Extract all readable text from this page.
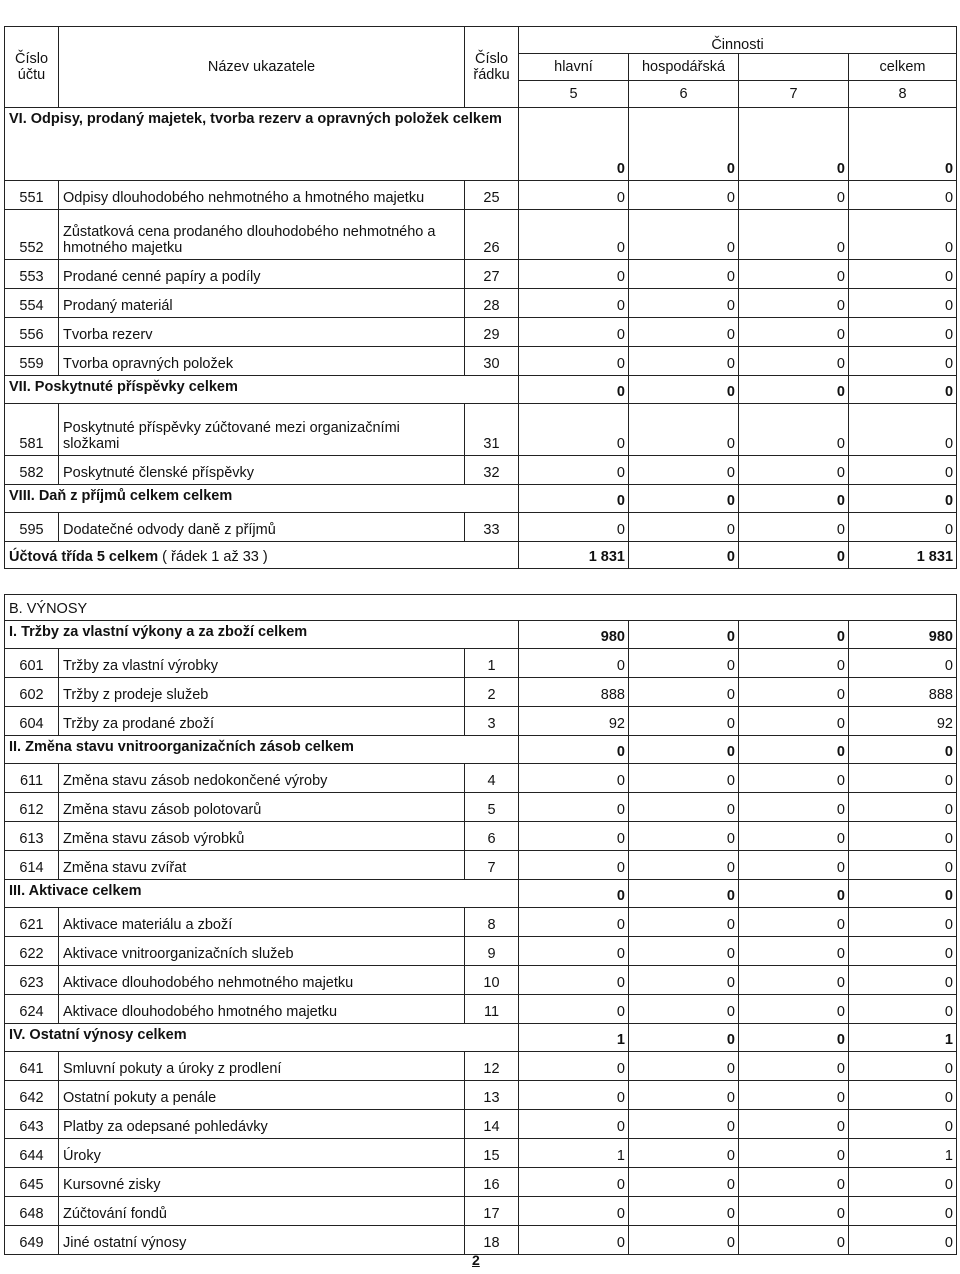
Číslo účtu	Název ukazatele	Číslo řádku	Činnosti			
			hlavní	hospodářská		celkem
			5	6	7	8
VI. Odpisy, prodaný majetek, tvorba rezerv a opravných položek celkem			0	0	0	0
551	Odpisy dlouhodobého nehmotného a hmotného majetku	25	0	0	0	0
552	Zůstatková cena prodaného dlouhodobého nehmotného a hmotného majetku	26	0	0	0	0
553	Prodané cenné papíry a podíly	27	0	0	0	0
554	Prodaný materiál	28	0	0	0	0
556	Tvorba rezerv	29	0	0	0	0
559	Tvorba opravných položek	30	0	0	0	0
VII. Poskytnuté příspěvky celkem			0	0	0	0
581	Poskytnuté příspěvky zúčtované mezi organizačními složkami	31	0	0	0	0
582	Poskytnuté členské příspěvky	32	0	0	0	0
VIII. Daň z příjmů celkem celkem			0	0	0	0
595	Dodatečné odvody daně z příjmů	33	0	0	0	0
Účtová třída 5 celkem ( řádek 1 až 33 )			1 831	0	0	1 831
2
B. VÝNOSY						
I. Tržby za vlastní výkony a za zboží celkem			980	0	0	980
601	Tržby za vlastní výrobky	1	0	0	0	0
602	Tržby z prodeje služeb	2	888	0	0	888
604	Tržby za prodané zboží	3	92	0	0	92
II. Změna stavu vnitroorganizačních zásob celkem			0	0	0	0
611	Změna stavu zásob nedokončené výroby	4	0	0	0	0
612	Změna stavu zásob polotovarů	5	0	0	0	0
613	Změna stavu zásob výrobků	6	0	0	0	0
614	Změna stavu zvířat	7	0	0	0	0
III. Aktivace celkem			0	0	0	0
621	Aktivace materiálu a zboží	8	0	0	0	0
622	Aktivace vnitroorganizačních služeb	9	0	0	0	0
623	Aktivace dlouhodobého nehmotného majetku	10	0	0	0	0
624	Aktivace dlouhodobého hmotného majetku	11	0	0	0	0
IV. Ostatní výnosy celkem			1	0	0	1
641	Smluvní pokuty a úroky z prodlení	12	0	0	0	0
642	Ostatní pokuty a penále	13	0	0	0	0
643	Platby za odepsané pohledávky	14	0	0	0	0
644	Úroky	15	1	0	0	1
645	Kursovné zisky	16	0	0	0	0
648	Zúčtování fondů	17	0	0	0	0
649	Jiné ostatní výnosy	18	0	0	0	0
